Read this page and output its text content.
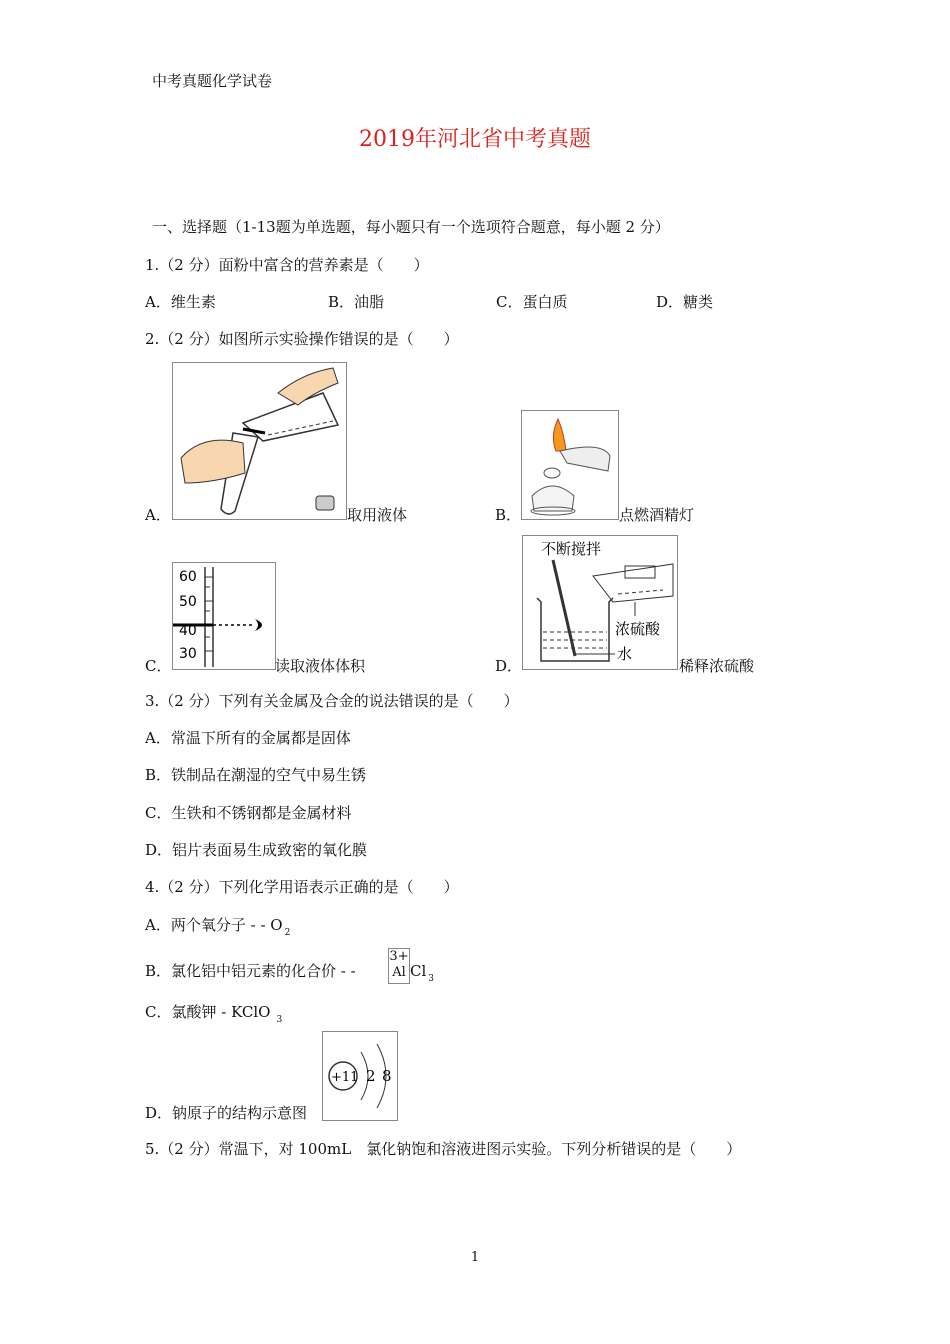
中考真题化学试卷
2019年河北省中考真题
一、选择题（1-13题为单选题，每小题只有一个选项符合题意，每小题 2 分）
1.（2 分）面粉中富含的营养素是（　　）
A．维生素	B．油脂	C．蛋白质	D．糖类
2.（2 分）如图所示实验操作错误的是（　　）
A．	取用液体	B．	点燃酒精灯
60
50
40
30
C．	读取液体体积
不断搅拌
浓硫酸
水
D．	稀释浓硫酸
3.（2 分）下列有关金属及合金的说法错误的是（　　）
A．常温下所有的金属都是固体
B．铁制品在潮湿的空气中易生锈
C．生铁和不锈钢都是金属材料
D．铝片表面易生成致密的氧化膜
4.（2 分）下列化学用语表示正确的是（　　）
A．两个氧分子 - - O $_2$
B．氯化铝中铝元素的化合价 - -
3+
Al Cl $_3$
C．氯酸钾 - KClO $_3$
+11 2 8
D．钠原子的结构示意图
5.（2 分）常温下，对 100mL　氯化钠饱和溶液进图示实验。下列分析错误的是（　　）
1
